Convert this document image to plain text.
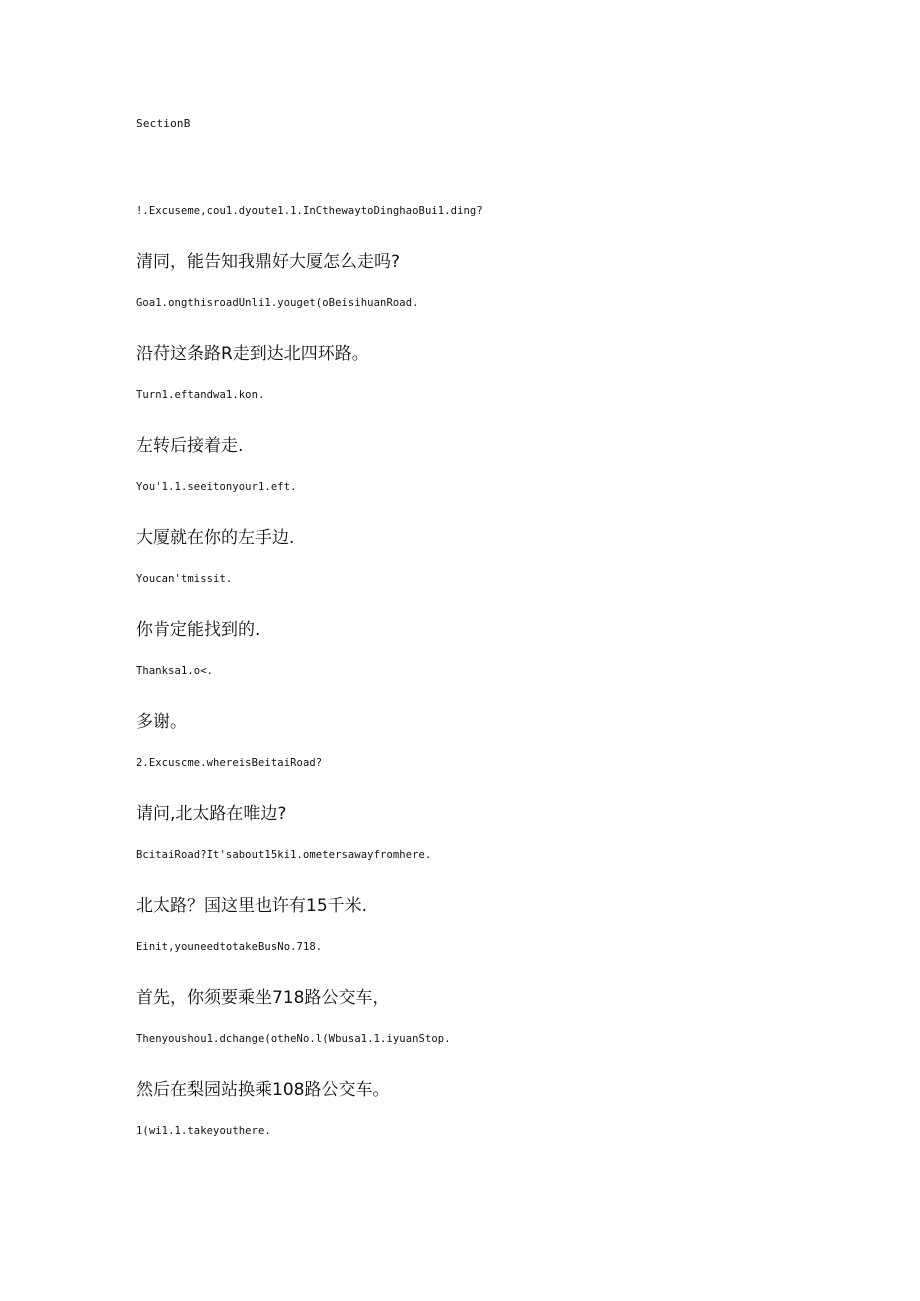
SectionB
!.Excuseme,cou1.dyoute1.1.InCthewaytoDinghaoBui1.ding?
清同，能告知我鼎好大厦怎么走吗?
Goa1.ongthisroadUnli1.youget(oBeisihuanRoad.
沿苻这条路R走到达北四环路。
Turn1.eftandwa1.kon.
左转后接着走.
You'1.1.seeitonyour1.eft.
大厦就在你的左手边.
Youcan'tmissit.
你肯定能找到的.
Thanksa1.o<.
多谢。
2.Excuscme.whereisBeitaiRoad?
请问,北太路在唯边?
BcitaiRoad?It'sabout15ki1.ometersawayfromhere.
北太路？国这里也许有15千米.
Einit,youneedtotakeBusNo.718.
首先，你须要乘坐718路公交车，
Thenyoushou1.dchange(otheNo.l(Wbusa1.1.iyuanStop.
然后在梨园站换乘108路公交车。
1(wi1.1.takeyouthere.
